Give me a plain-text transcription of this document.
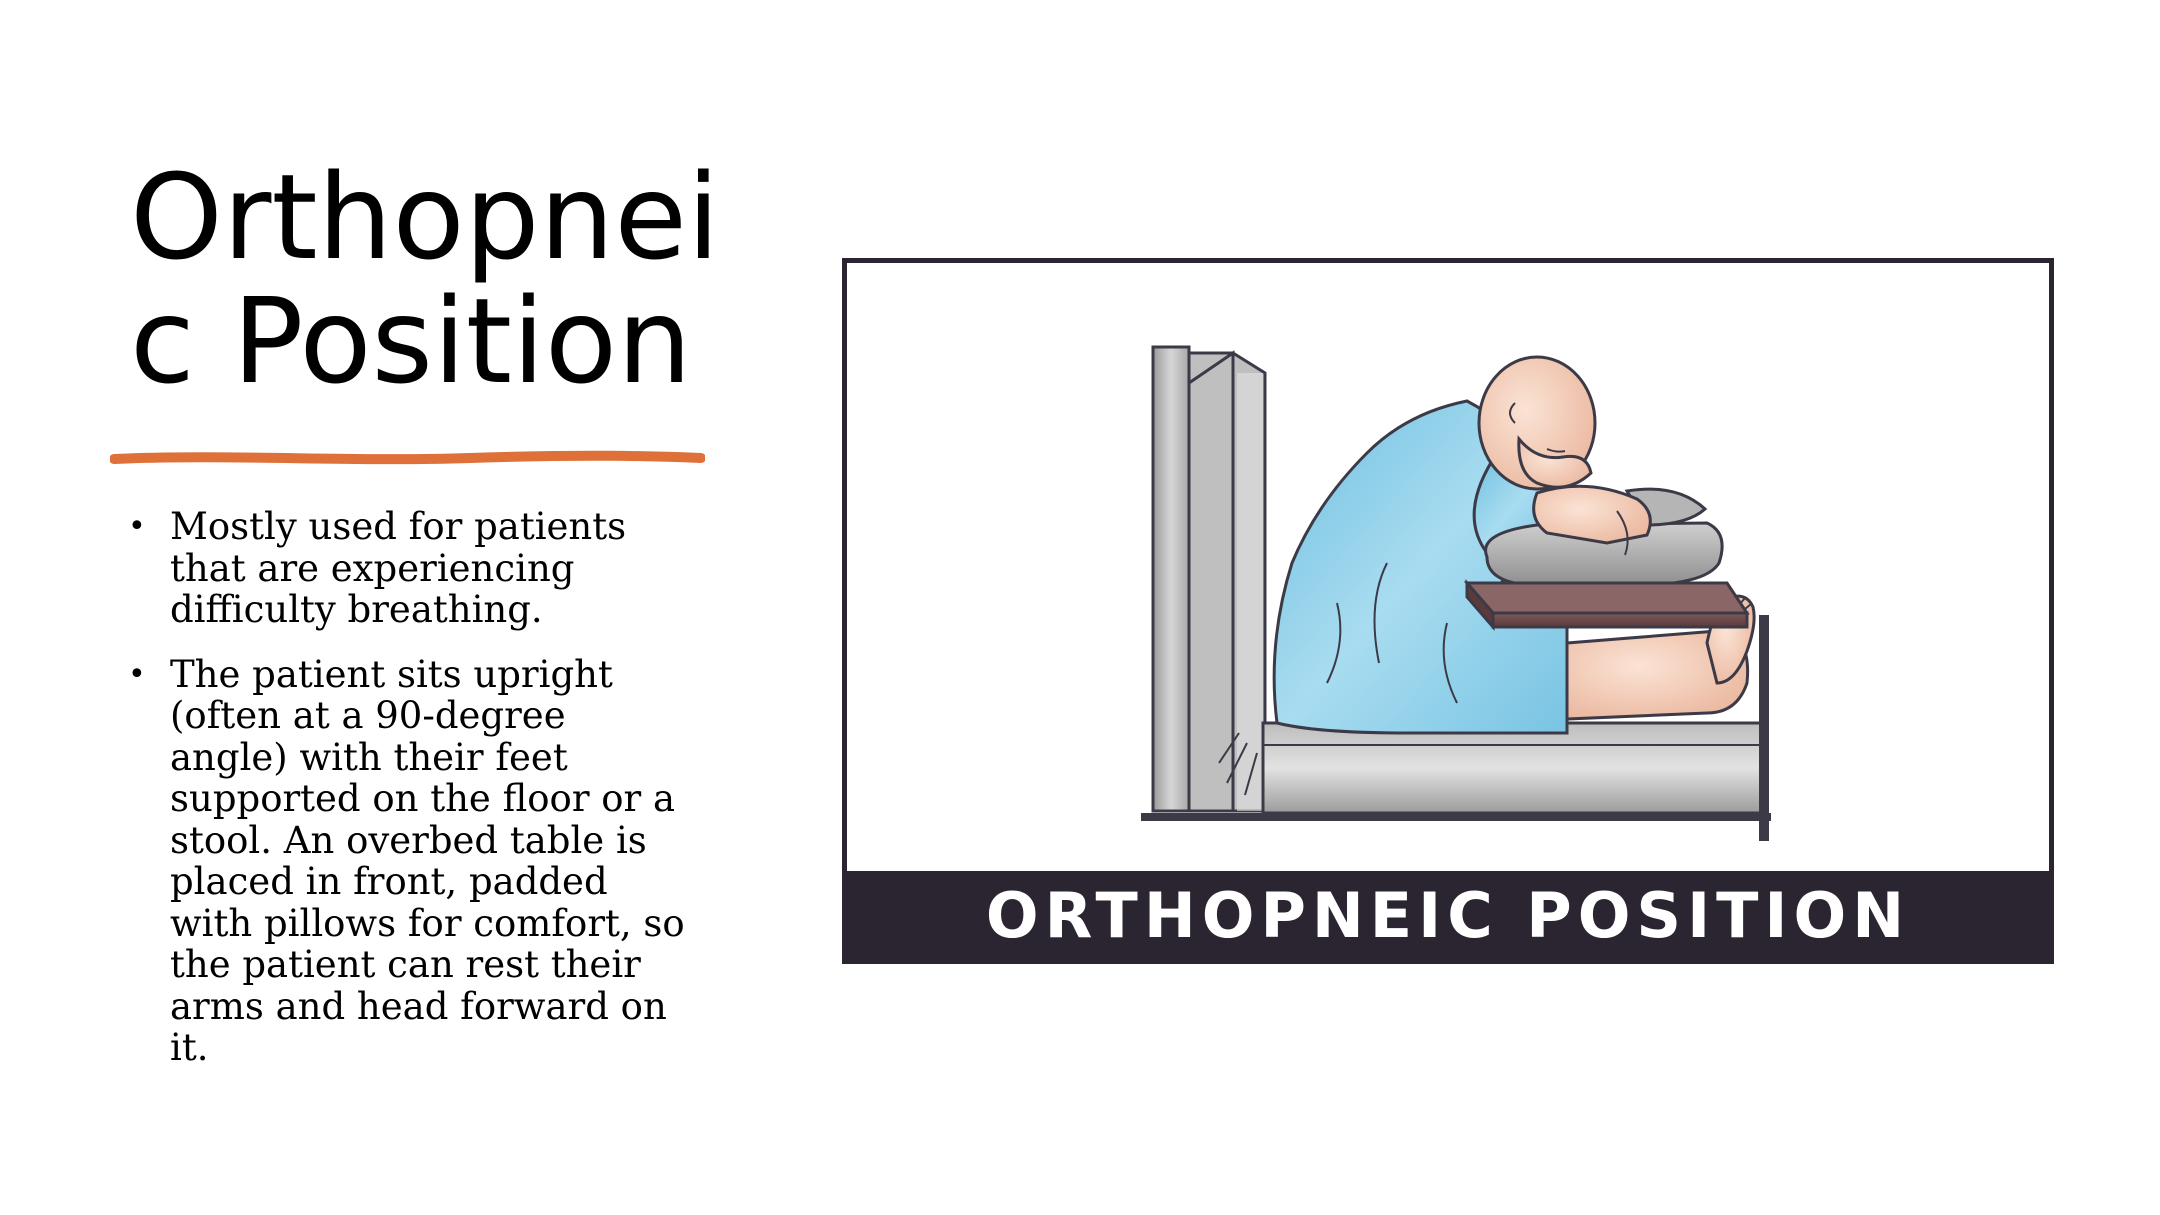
Orthopnei
c Position
• Mostly used for patients
that are experiencing
difficulty breathing.
• The patient sits upright
(often at a 90-degree
angle) with their feet
supported on the floor or a
stool. An overbed table is
placed in front, padded
with pillows for comfort, so
the patient can rest their
arms and head forward on
it.
ORTHOPNEIC POSITION
